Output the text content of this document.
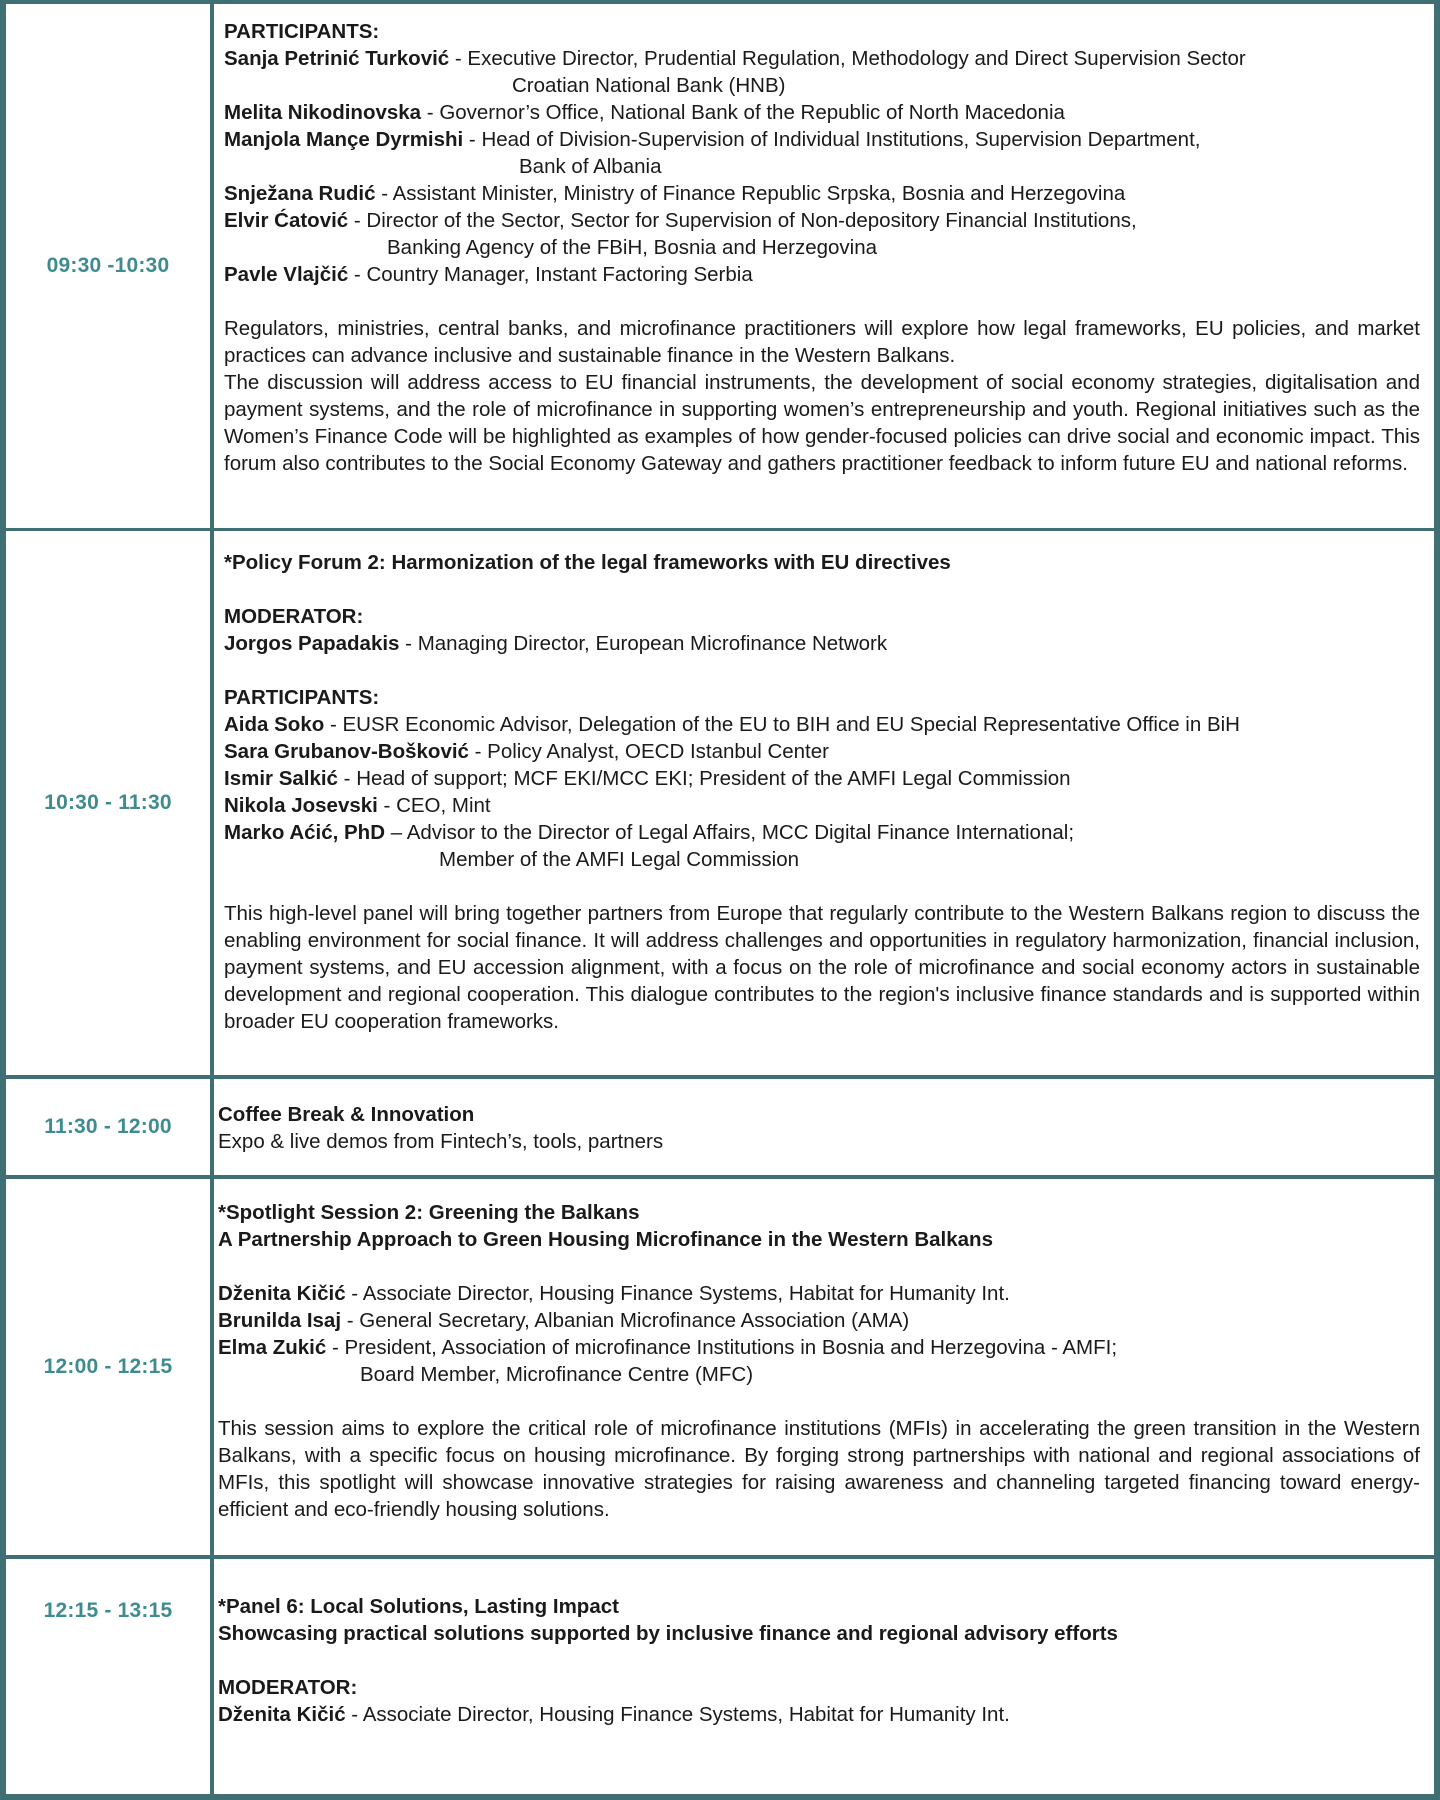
09:30 -10:30
PARTICIPANTS:
Sanja Petrinić Turković - Executive Director, Prudential Regulation, Methodology and Direct Supervision Sector
Croatian National Bank (HNB)
Melita Nikodinovska - Governor’s Office, National Bank of the Republic of North Macedonia
Manjola Mançe Dyrmishi - Head of Division-Supervision of Individual Institutions, Supervision Department,
Bank of Albania
Snježana Rudić - Assistant Minister, Ministry of Finance Republic Srpska, Bosnia and Herzegovina
Elvir Ćatović - Director of the Sector, Sector for Supervision of Non-depository Financial Institutions,
Banking Agency of the FBiH, Bosnia and Herzegovina
Pavle Vlajčić - Country Manager, Instant Factoring Serbia
Regulators, ministries, central banks, and microfinance practitioners will explore how legal frameworks, EU policies, and market practices can advance inclusive and sustainable finance in the Western Balkans.
The discussion will address access to EU financial instruments, the development of social economy strategies, digitalisation and payment systems, and the role of microfinance in supporting women’s entrepreneurship and youth. Regional initiatives such as the Women’s Finance Code will be highlighted as examples of how gender-focused policies can drive social and economic impact. This forum also contributes to the Social Economy Gateway and gathers practitioner feedback to inform future EU and national reforms.
10:30 - 11:30
*Policy Forum 2: Harmonization of the legal frameworks with EU directives
MODERATOR:
Jorgos Papadakis - Managing Director, European Microfinance Network
PARTICIPANTS:
Aida Soko - EUSR Economic Advisor, Delegation of the EU to BIH and EU Special Representative Office in BiH
Sara Grubanov-Bošković - Policy Analyst, OECD Istanbul Center
Ismir Salkić - Head of support; MCF EKI/MCC EKI; President of the AMFI Legal Commission
Nikola Josevski - CEO, Mint
Marko Aćić, PhD – Advisor to the Director of Legal Affairs, MCC Digital Finance International;
Member of the AMFI Legal Commission
This high-level panel will bring together partners from Europe that regularly contribute to the Western Balkans region to discuss the enabling environment for social finance. It will address challenges and opportunities in regulatory harmonization, financial inclusion, payment systems, and EU accession alignment, with a focus on the role of microfinance and social economy actors in sustainable development and regional cooperation. This dialogue contributes to the region's inclusive finance standards and is supported within broader EU cooperation frameworks.
11:30 - 12:00
Coffee Break & Innovation
Expo & live demos from Fintech’s, tools, partners
12:00 - 12:15
*Spotlight Session 2: Greening the Balkans
A Partnership Approach to Green Housing Microfinance in the Western Balkans
Dženita Kičić - Associate Director, Housing Finance Systems, Habitat for Humanity Int.
Brunilda Isaj - General Secretary, Albanian Microfinance Association (AMA)
Elma Zukić - President, Association of microfinance Institutions in Bosnia and Herzegovina - AMFI;
Board Member, Microfinance Centre (MFC)
This session aims to explore the critical role of microfinance institutions (MFIs) in accelerating the green transition in the Western Balkans, with a specific focus on housing microfinance. By forging strong partnerships with national and regional associations of MFIs, this spotlight will showcase innovative strategies for raising awareness and channeling targeted financing toward energy-efficient and eco-friendly housing solutions.
12:15 - 13:15	*Panel 6: Local Solutions, Lasting Impact
Showcasing practical solutions supported by inclusive finance and regional advisory efforts
MODERATOR:
Dženita Kičić - Associate Director, Housing Finance Systems, Habitat for Humanity Int.
